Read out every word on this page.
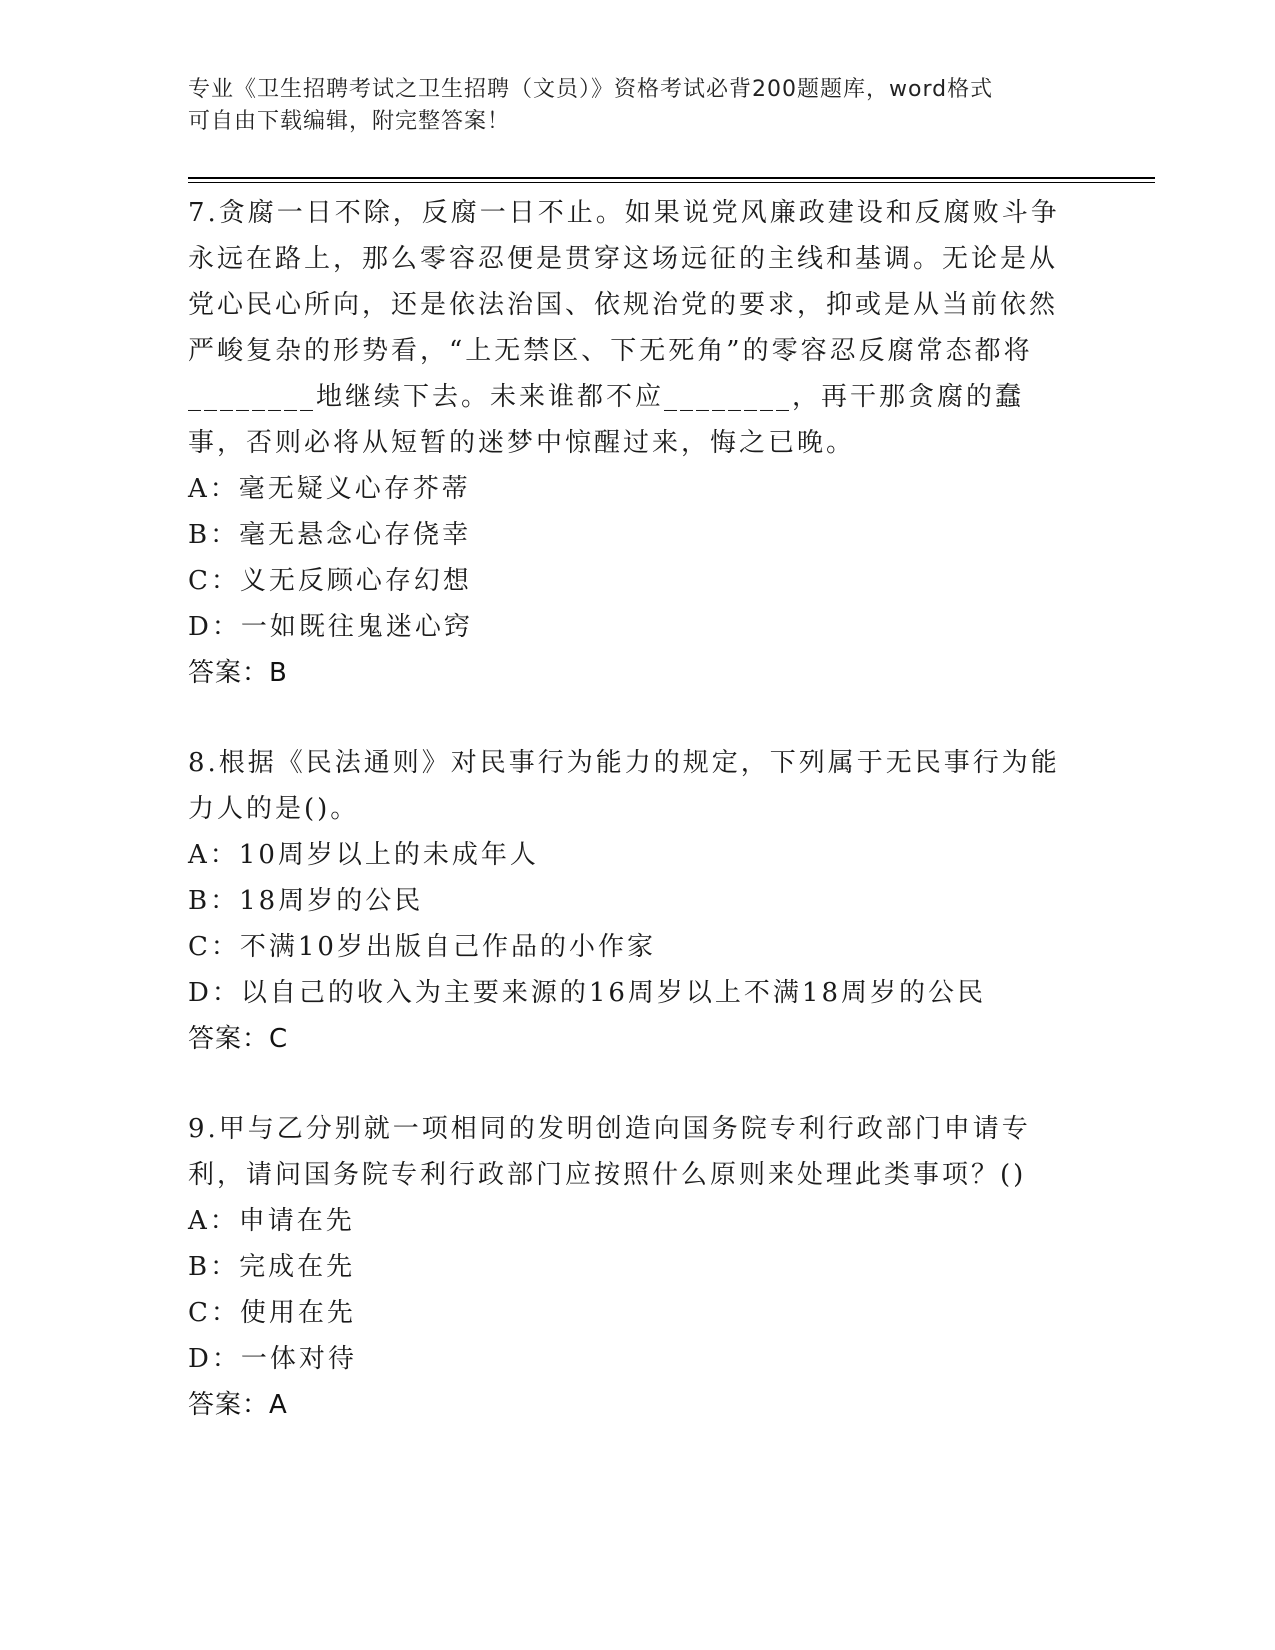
专业《卫生招聘考试之卫生招聘（文员）》资格考试必背200题题库，word格式
可自由下载编辑，附完整答案！

7.贪腐一日不除，反腐一日不止。如果说党风廉政建设和反腐败斗争永远在路上，那么零容忍便是贯穿这场远征的主线和基调。无论是从党心民心所向，还是依法治国、依规治党的要求，抑或是从当前依然严峻复杂的形势看，“上无禁区、下无死角”的零容忍反腐常态都将________地继续下去。未来谁都不应________，再干那贪腐的蠢事，否则必将从短暂的迷梦中惊醒过来，悔之已晚。

A：毫无疑义心存芥蒂

B：毫无悬念心存侥幸

C：义无反顾心存幻想

D：一如既往鬼迷心窍

答案：B

8.根据《民法通则》对民事行为能力的规定，下列属于无民事行为能力人的是()。

A：10周岁以上的未成年人

B：18周岁的公民

C：不满10岁出版自己作品的小作家

D：以自己的收入为主要来源的16周岁以上不满18周岁的公民

答案：C

9.甲与乙分别就一项相同的发明创造向国务院专利行政部门申请专利，请问国务院专利行政部门应按照什么原则来处理此类事项？()

A：申请在先

B：完成在先

C：使用在先

D：一体对待

答案：A
